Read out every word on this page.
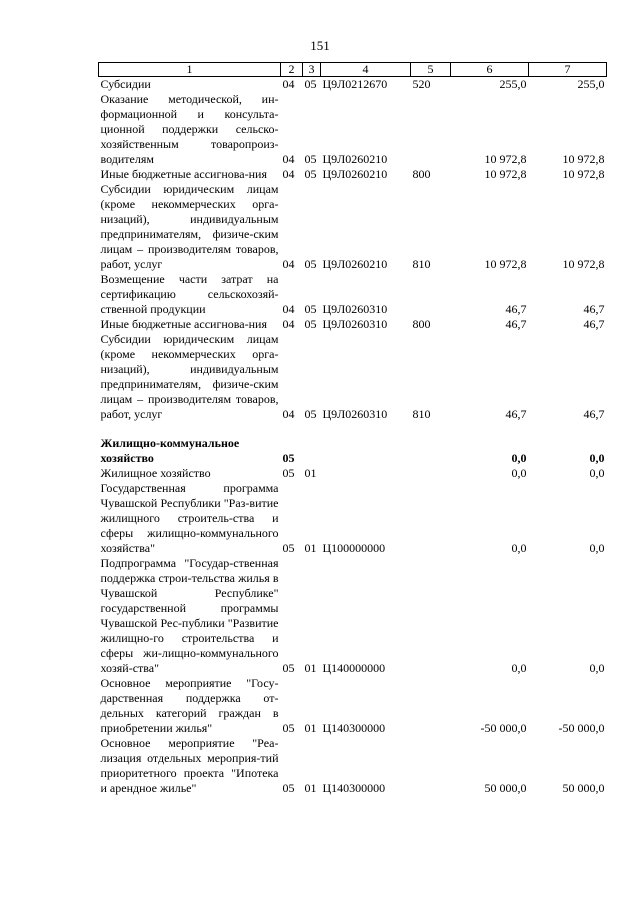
151
1	2	3	4	5	6	7
Субсидии	04	05	Ц9Л0212670	520	255,0	255,0
Оказание методической, ин-формационной и консульта-ционной поддержки сельско-хозяйственным товаропроиз-водителям	04	05	Ц9Л0260210		10 972,8	10 972,8
Иные бюджетные ассигнова-ния	04	05	Ц9Л0260210	800	10 972,8	10 972,8
Субсидии юридическим лицам (кроме некоммерческих орга-низаций), индивидуальным предпринимателям, физиче-ским лицам – производителям товаров, работ, услуг	04	05	Ц9Л0260210	810	10 972,8	10 972,8
Возмещение части затрат на сертификацию сельскохозяй-ственной продукции	04	05	Ц9Л0260310		46,7	46,7
Иные бюджетные ассигнова-ния	04	05	Ц9Л0260310	800	46,7	46,7
Субсидии юридическим лицам (кроме некоммерческих орга-низаций), индивидуальным предпринимателям, физиче-ским лицам – производителям товаров, работ, услуг	04	05	Ц9Л0260310	810	46,7	46,7

Жилищно-коммунальное хозяйство	05				0,0	0,0
Жилищное хозяйство	05	01			0,0	0,0
Государственная программа Чувашской Республики "Раз-витие жилищного строитель-ства и сферы жилищно-коммунального хозяйства"	05	01	Ц100000000		0,0	0,0
Подпрограмма "Государ-ственная поддержка строи-тельства жилья в Чувашской Республике" государственной программы Чувашской Рес-публики "Развитие жилищно-го строительства и сферы жи-лищно-коммунального хозяй-ства"	05	01	Ц140000000		0,0	0,0
Основное мероприятие "Госу-дарственная поддержка от-дельных категорий граждан в приобретении жилья"	05	01	Ц140300000		-50 000,0	-50 000,0
Основное мероприятие "Реа-лизация отдельных мероприя-тий приоритетного проекта "Ипотека и арендное жилье"	05	01	Ц140300000		50 000,0	50 000,0
